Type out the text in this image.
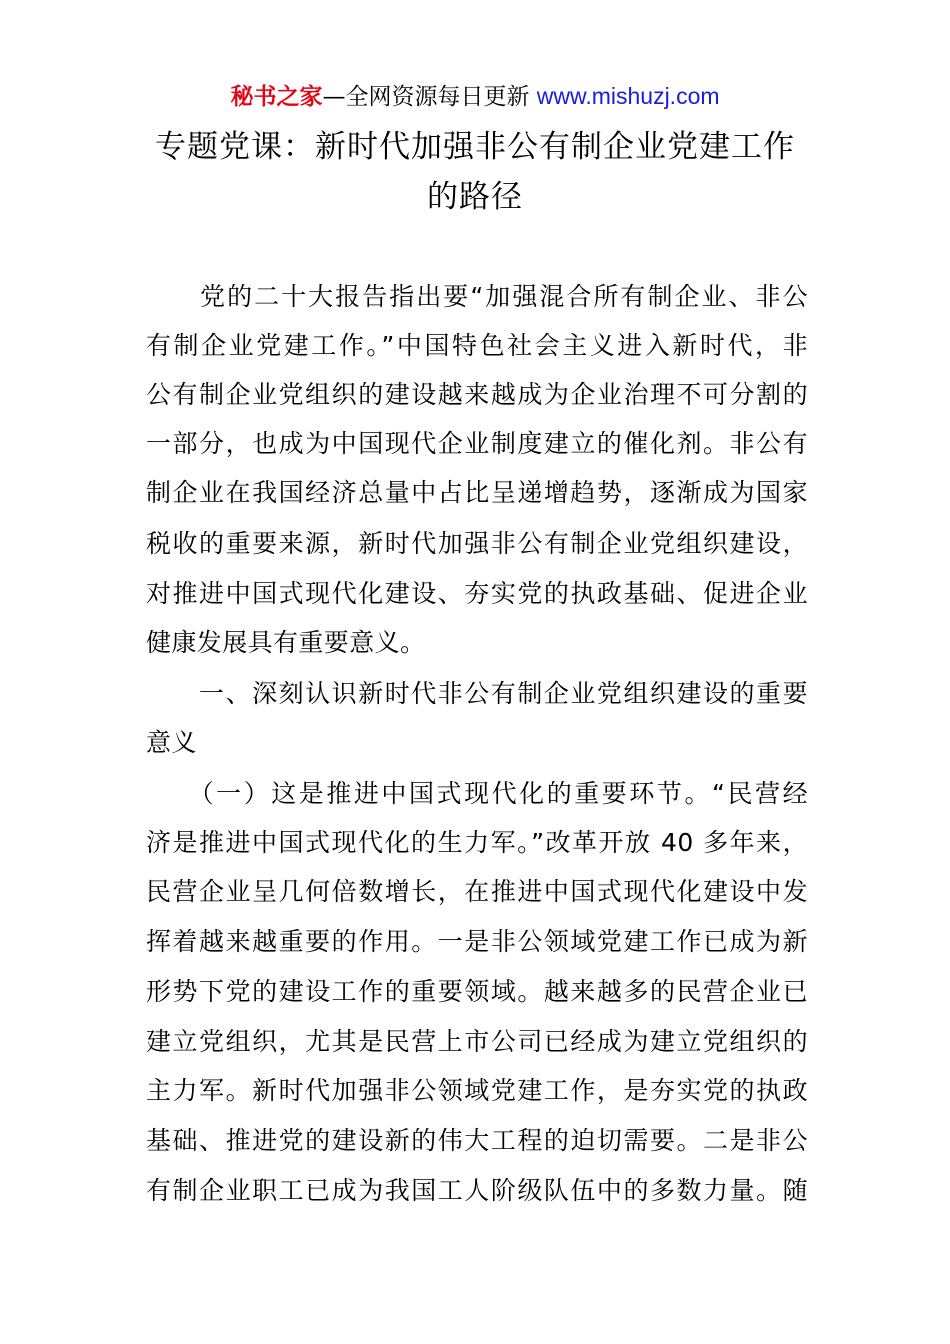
秘书之家—全网资源每日更新 www.mishuzj.com
专题党课：新时代加强非公有制企业党建工作
的路径
　　党的二十大报告指出要“加强混合所有制企业、非公
有制企业党建工作。”中国特色社会主义进入新时代，非
公有制企业党组织的建设越来越成为企业治理不可分割的
一部分，也成为中国现代企业制度建立的催化剂。非公有
制企业在我国经济总量中占比呈递增趋势，逐渐成为国家
税收的重要来源，新时代加强非公有制企业党组织建设，
对推进中国式现代化建设、夯实党的执政基础、促进企业
健康发展具有重要意义。
　　一、深刻认识新时代非公有制企业党组织建设的重要
意义
　　（一）这是推进中国式现代化的重要环节。“民营经
济是推进中国式现代化的生力军。”改革开放 40 多年来，
民营企业呈几何倍数增长，在推进中国式现代化建设中发
挥着越来越重要的作用。一是非公领域党建工作已成为新
形势下党的建设工作的重要领域。越来越多的民营企业已
建立党组织，尤其是民营上市公司已经成为建立党组织的
主力军。新时代加强非公领域党建工作，是夯实党的执政
基础、推进党的建设新的伟大工程的迫切需要。二是非公
有制企业职工已成为我国工人阶级队伍中的多数力量。随
